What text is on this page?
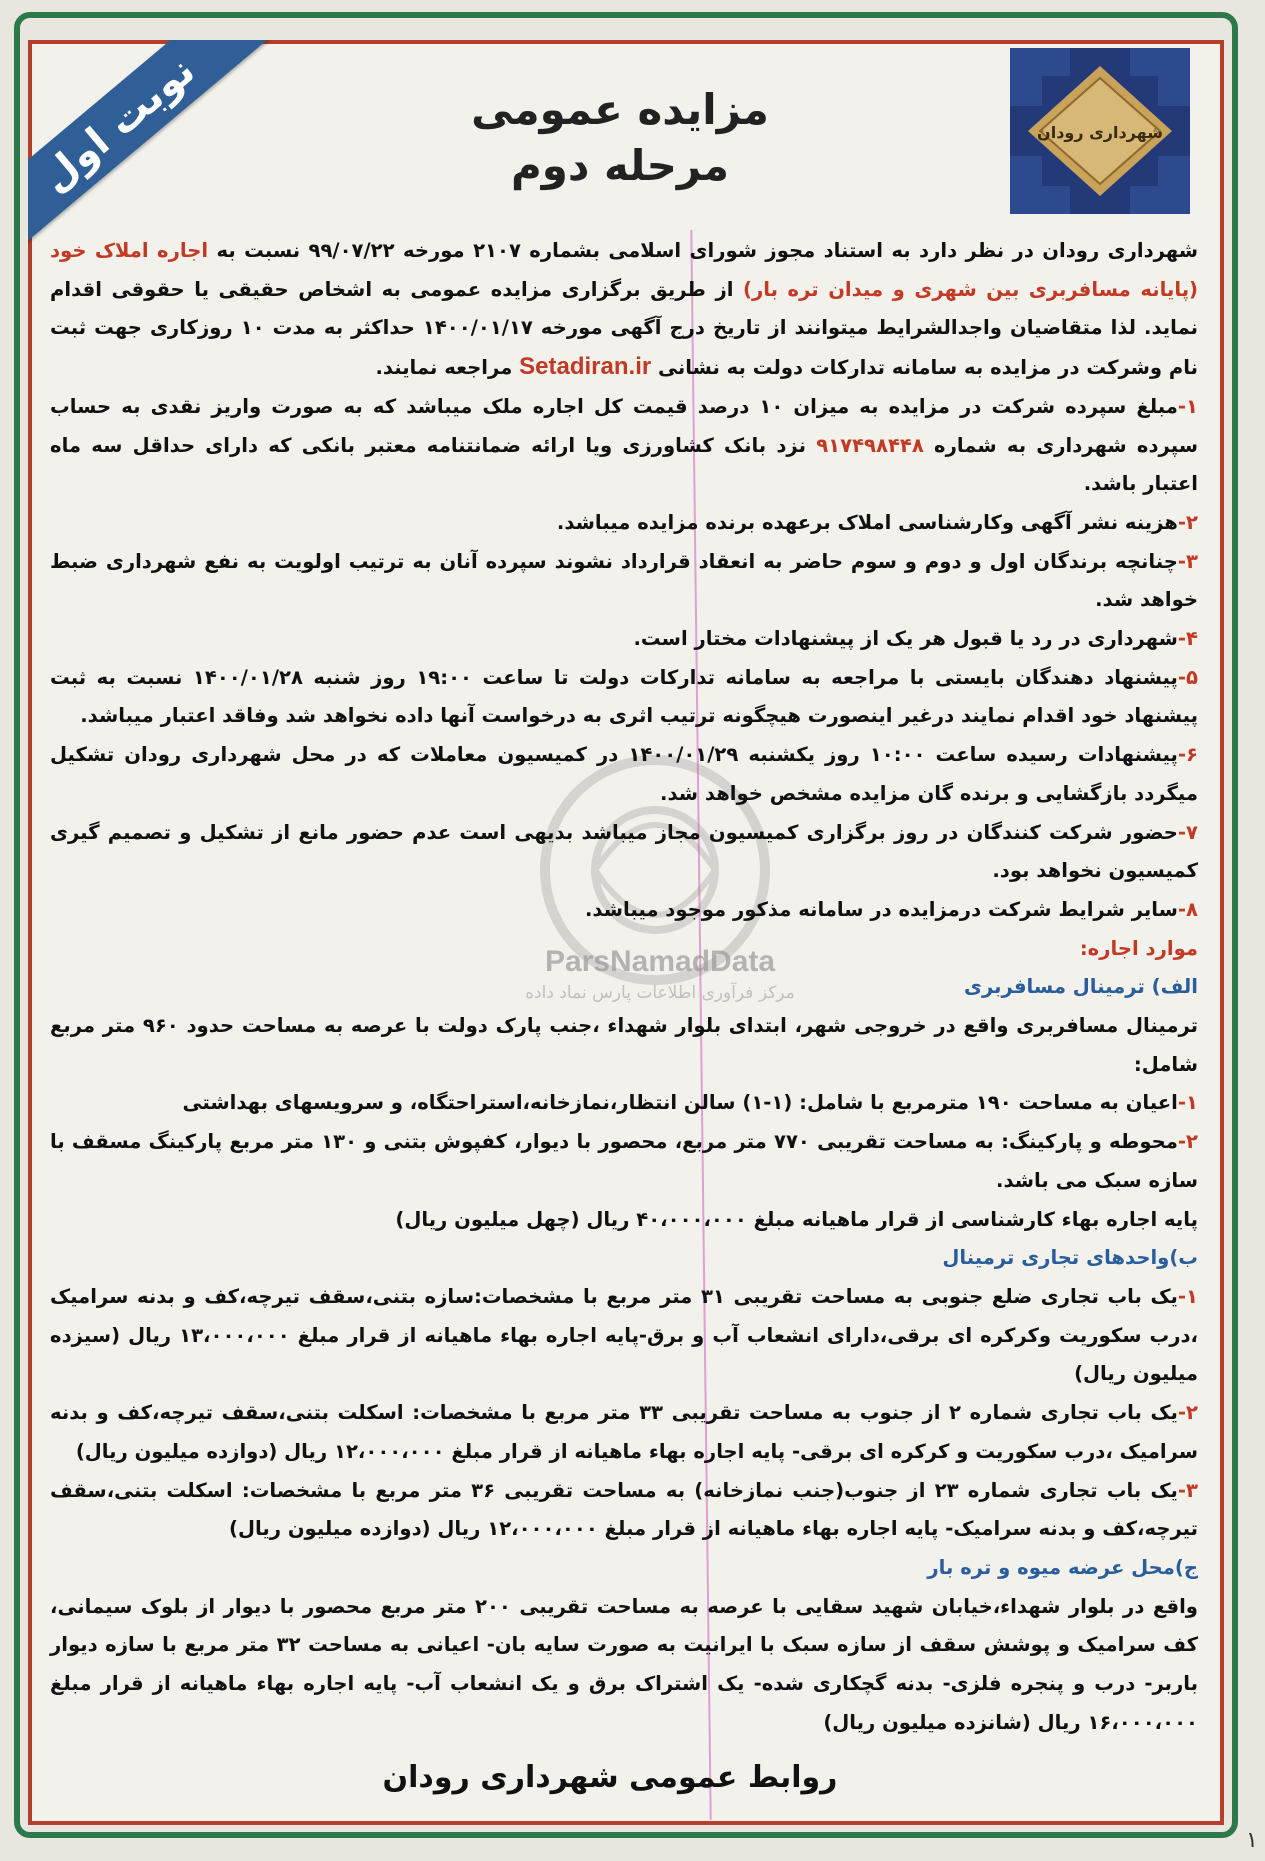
نوبت اول	شهرداری رودان
مزایده عمومی
مرحله دوم
ParsNamadData
مرکز فرآوری اطلاعات پارس نماد داده

شهرداری رودان در نظر دارد به استناد مجوز شورای اسلامی بشماره ۲۱۰۷ مورخه ۹۹/۰۷/۲۲ نسبت به اجاره املاک خود (پایانه مسافربری بین شهری و میدان تره بار) از طریق برگزاری مزایده عمومی به اشخاص حقیقی یا حقوقی اقدام نماید. لذا متقاضیان واجدالشرایط میتوانند از تاریخ درج آگهی مورخه ۱۴۰۰/۰۱/۱۷ حداکثر به مدت ۱۰ روزکاری جهت ثبت نام وشرکت در مزایده به سامانه تدارکات دولت به نشانی Setadiran.ir مراجعه نمایند.

۱-مبلغ سپرده شرکت در مزایده به میزان ۱۰ درصد قیمت کل اجاره ملک میباشد که به صورت واریز نقدی به حساب سپرده شهرداری به شماره ۹۱۷۴۹۸۴۴۸ نزد بانک کشاورزی ویا ارائه ضمانتنامه معتبر بانکی که دارای حداقل سه ماه اعتبار باشد.

۲-هزینه نشر آگهی وکارشناسی املاک برعهده برنده مزایده میباشد.

۳-چنانچه برندگان اول و دوم و سوم حاضر به انعقاد قرارداد نشوند سپرده آنان به ترتیب اولویت به نفع شهرداری ضبط خواهد شد.

۴-شهرداری در رد یا قبول هر یک از پیشنهادات مختار است.

۵-پیشنهاد دهندگان بایستی با مراجعه به سامانه تدارکات دولت تا ساعت ۱۹:۰۰ روز شنبه ۱۴۰۰/۰۱/۲۸ نسبت به ثبت پیشنهاد خود اقدام نمایند درغیر اینصورت هیچگونه ترتیب اثری به درخواست آنها داده نخواهد شد وفاقد اعتبار میباشد.

۶-پیشنهادات رسیده ساعت ۱۰:۰۰ روز یکشنبه ۱۴۰۰/۰۱/۲۹ در کمیسیون معاملات که در محل شهرداری رودان تشکیل میگردد بازگشایی و برنده گان مزایده مشخص خواهد شد.

۷-حضور شرکت کنندگان در روز برگزاری کمیسیون مجاز میباشد بدیهی است عدم حضور مانع از تشکیل و تصمیم گیری کمیسیون نخواهد بود.

۸-سایر شرایط شرکت درمزایده در سامانه مذکور موجود میباشد.

موارد اجاره:

الف) ترمینال مسافربری

ترمینال مسافربری واقع در خروجی شهر، ابتدای بلوار شهداء ،جنب پارک دولت با عرصه به مساحت حدود ۹۶۰ متر مربع شامل:

۱-اعیان به مساحت ۱۹۰ مترمربع با شامل: (۱-۱) سالن انتظار،نمازخانه،استراحتگاه، و سرویسهای بهداشتی

۲-محوطه و پارکینگ: به مساحت تقریبی ۷۷۰ متر مربع، محصور با دیوار، کفپوش بتنی و ۱۳۰ متر مربع پارکینگ مسقف با سازه سبک می باشد.

پایه اجاره بهاء کارشناسی از قرار ماهیانه مبلغ ۴۰،۰۰۰،۰۰۰ ریال (چهل میلیون ریال)

ب)واحدهای تجاری ترمینال

۱-یک باب تجاری ضلع جنوبی به مساحت تقریبی ۳۱ متر مربع با مشخصات:سازه بتنی،سقف تیرچه،کف و بدنه سرامیک ،درب سکوریت وکرکره ای برقی،دارای انشعاب آب و برق-پایه اجاره بهاء ماهیانه از قرار مبلغ ۱۳،۰۰۰،۰۰۰ ریال (سیزده میلیون ریال)

۲-یک باب تجاری شماره ۲ از جنوب به مساحت تقریبی ۳۳ متر مربع با مشخصات: اسکلت بتنی،سقف تیرچه،کف و بدنه سرامیک ،درب سکوریت و کرکره ای برقی- پایه اجاره بهاء ماهیانه از قرار مبلغ ۱۲،۰۰۰،۰۰۰ ریال (دوازده میلیون ریال)

۳-یک باب تجاری شماره ۲۳ از جنوب(جنب نمازخانه) به مساحت تقریبی ۳۶ متر مربع با مشخصات: اسکلت بتنی،سقف تیرچه،کف و بدنه سرامیک- پایه اجاره بهاء ماهیانه از قرار مبلغ ۱۲،۰۰۰،۰۰۰ ریال (دوازده میلیون ریال)

ج)محل عرضه میوه و تره بار

واقع در بلوار شهداء،خیابان شهید سقایی با عرصه به مساحت تقریبی ۲۰۰ متر مربع محصور با دیوار از بلوک سیمانی، کف سرامیک و پوشش سقف از سازه سبک با ایرانیت به صورت سایه بان- اعیانی به مساحت ۳۲ متر مربع با سازه دیوار باربر- درب و پنجره فلزی- بدنه گچکاری شده- یک اشتراک برق و یک انشعاب آب- پایه اجاره بهاء ماهیانه از قرار مبلغ ۱۶،۰۰۰،۰۰۰ ریال (شانزده میلیون ریال)

روابط عمومی شهرداری رودان
۱
